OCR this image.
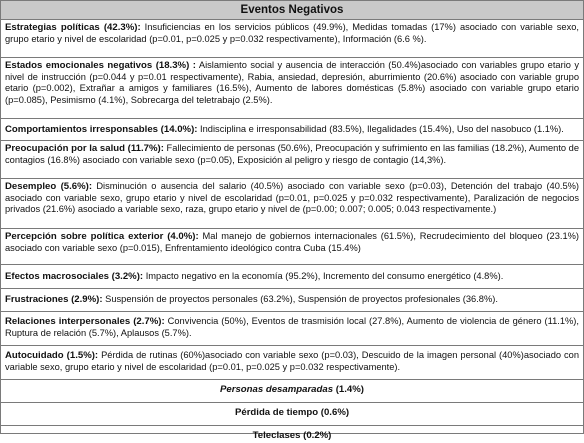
Eventos Negativos
Estrategias políticas (42.3%): Insuficiencias en los servicios públicos (49.9%), Medidas tomadas (17%) asociado con variable sexo, grupo etario y nivel de escolaridad (p=0.01, p=0.025 y p=0.032 respectivamente), Información (6.6 %).
Estados emocionales negativos (18.3%) : Aislamiento social y ausencia de interacción (50.4%)asociado con variables grupo etario y nivel de instrucción (p=0.044 y p=0.01 respectivamente), Rabia, ansiedad, depresión, aburrimiento (20.6%) asociado con variable grupo etario (p=0.002), Extrañar a amigos y familiares (16.5%), Aumento de labores domésticas (5.8%) asociado con variable grupo etario (p=0.085), Pesimismo (4.1%), Sobrecarga del teletrabajo (2.5%).
Comportamientos irresponsables (14.0%): Indisciplina e irresponsabilidad (83.5%), Ilegalidades (15.4%), Uso del nasobuco (1.1%).
Preocupación por la salud (11.7%): Fallecimiento de personas (50.6%), Preocupación y sufrimiento en las familias (18.2%), Aumento de contagios (16.8%) asociado con variable sexo (p=0.05), Exposición al peligro y riesgo de contagio (14,3%).
Desempleo (5.6%): Disminución o ausencia del salario (40.5%) asociado con variable sexo (p=0.03), Detención del trabajo (40.5%) asociado con variable sexo, grupo etario y nivel de escolaridad (p=0.01, p=0.025 y p=0.032 respectivamente), Paralización de negocios privados (21.6%) asociado a variable sexo, raza, grupo etario y nivel de (p=0.00; 0.007; 0.005; 0.043 respectivamente.)
Percepción sobre política exterior (4.0%): Mal manejo de gobiernos internacionales (61.5%), Recrudecimiento del bloqueo (23.1%) asociado con variable sexo (p=0.015), Enfrentamiento ideológico contra Cuba (15.4%)
Efectos macrosociales (3.2%): Impacto negativo en la economía (95.2%), Incremento del consumo energético (4.8%).
Frustraciones (2.9%): Suspensión de proyectos personales (63.2%), Suspensión de proyectos profesionales (36.8%).
Relaciones interpersonales (2.7%): Convivencia (50%), Eventos de trasmisión local (27.8%), Aumento de violencia de género (11.1%), Ruptura de relación (5.7%), Aplausos (5.7%).
Autocuidado (1.5%): Pérdida de rutinas (60%)asociado con variable sexo (p=0.03), Descuido de la imagen personal (40%)asociado con variable sexo, grupo etario y nivel de escolaridad (p=0.01, p=0.025 y p=0.032 respectivamente).
Personas desamparadas (1.4%)
Pérdida de tiempo (0.6%)
Teleclases (0.2%)
